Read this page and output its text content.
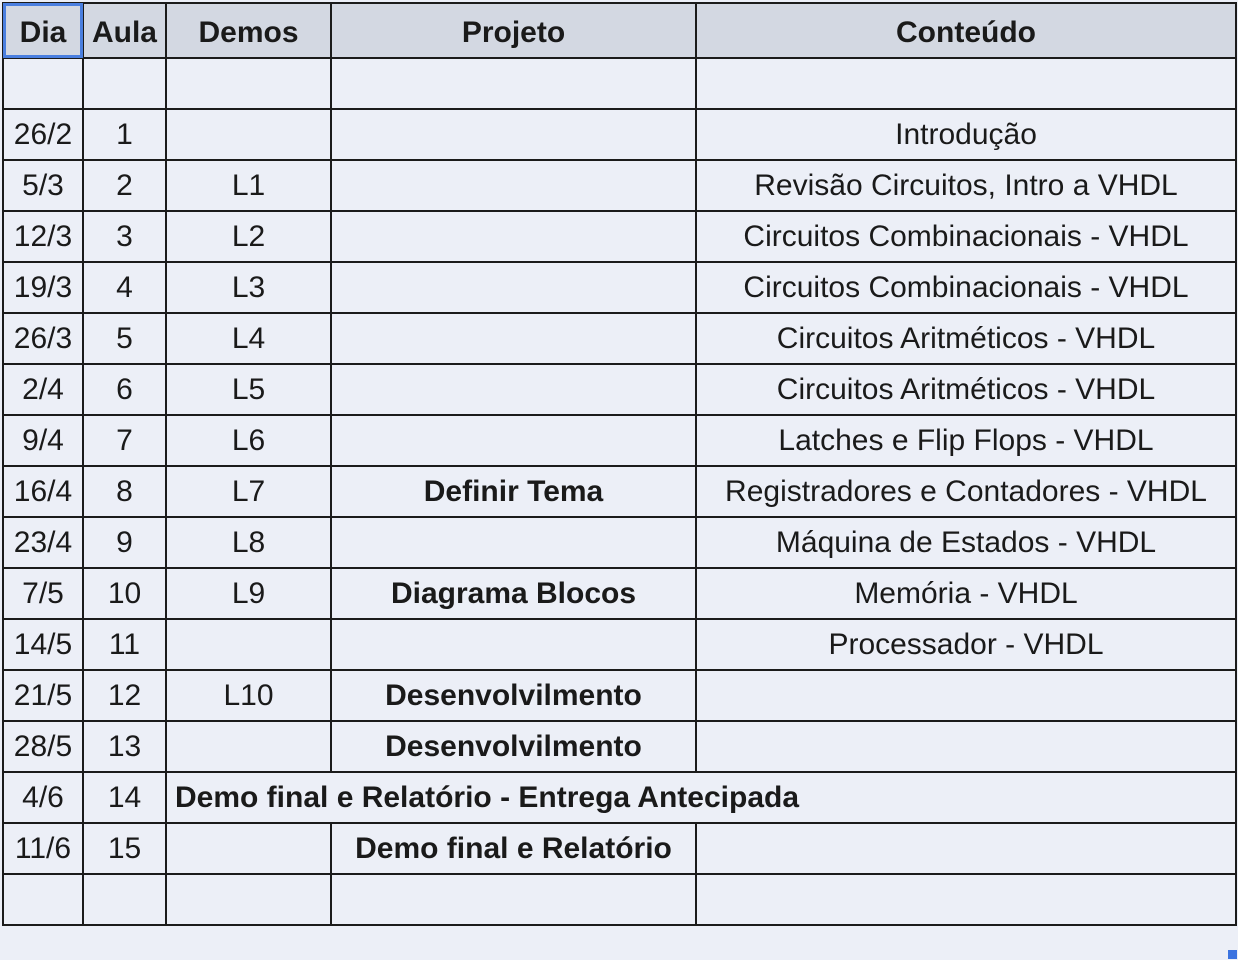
Dia	Aula	Demos	Projeto	Conteúdo

26/2	1			Introdução
5/3	2	L1		Revisão Circuitos, Intro a VHDL
12/3	3	L2		Circuitos Combinacionais - VHDL
19/3	4	L3		Circuitos Combinacionais - VHDL
26/3	5	L4		Circuitos Aritméticos - VHDL
2/4	6	L5		Circuitos Aritméticos - VHDL
9/4	7	L6		Latches e Flip Flops - VHDL
16/4	8	L7	Definir Tema	Registradores e Contadores - VHDL
23/4	9	L8		Máquina de Estados - VHDL
7/5	10	L9	Diagrama Blocos	Memória - VHDL
14/5	11			Processador - VHDL
21/5	12	L10	Desenvolvilmento	
28/5	13		Desenvolvilmento	
4/6	14	Demo final e Relatório - Entrega Antecipada		
11/6	15		Demo final e Relatório	
